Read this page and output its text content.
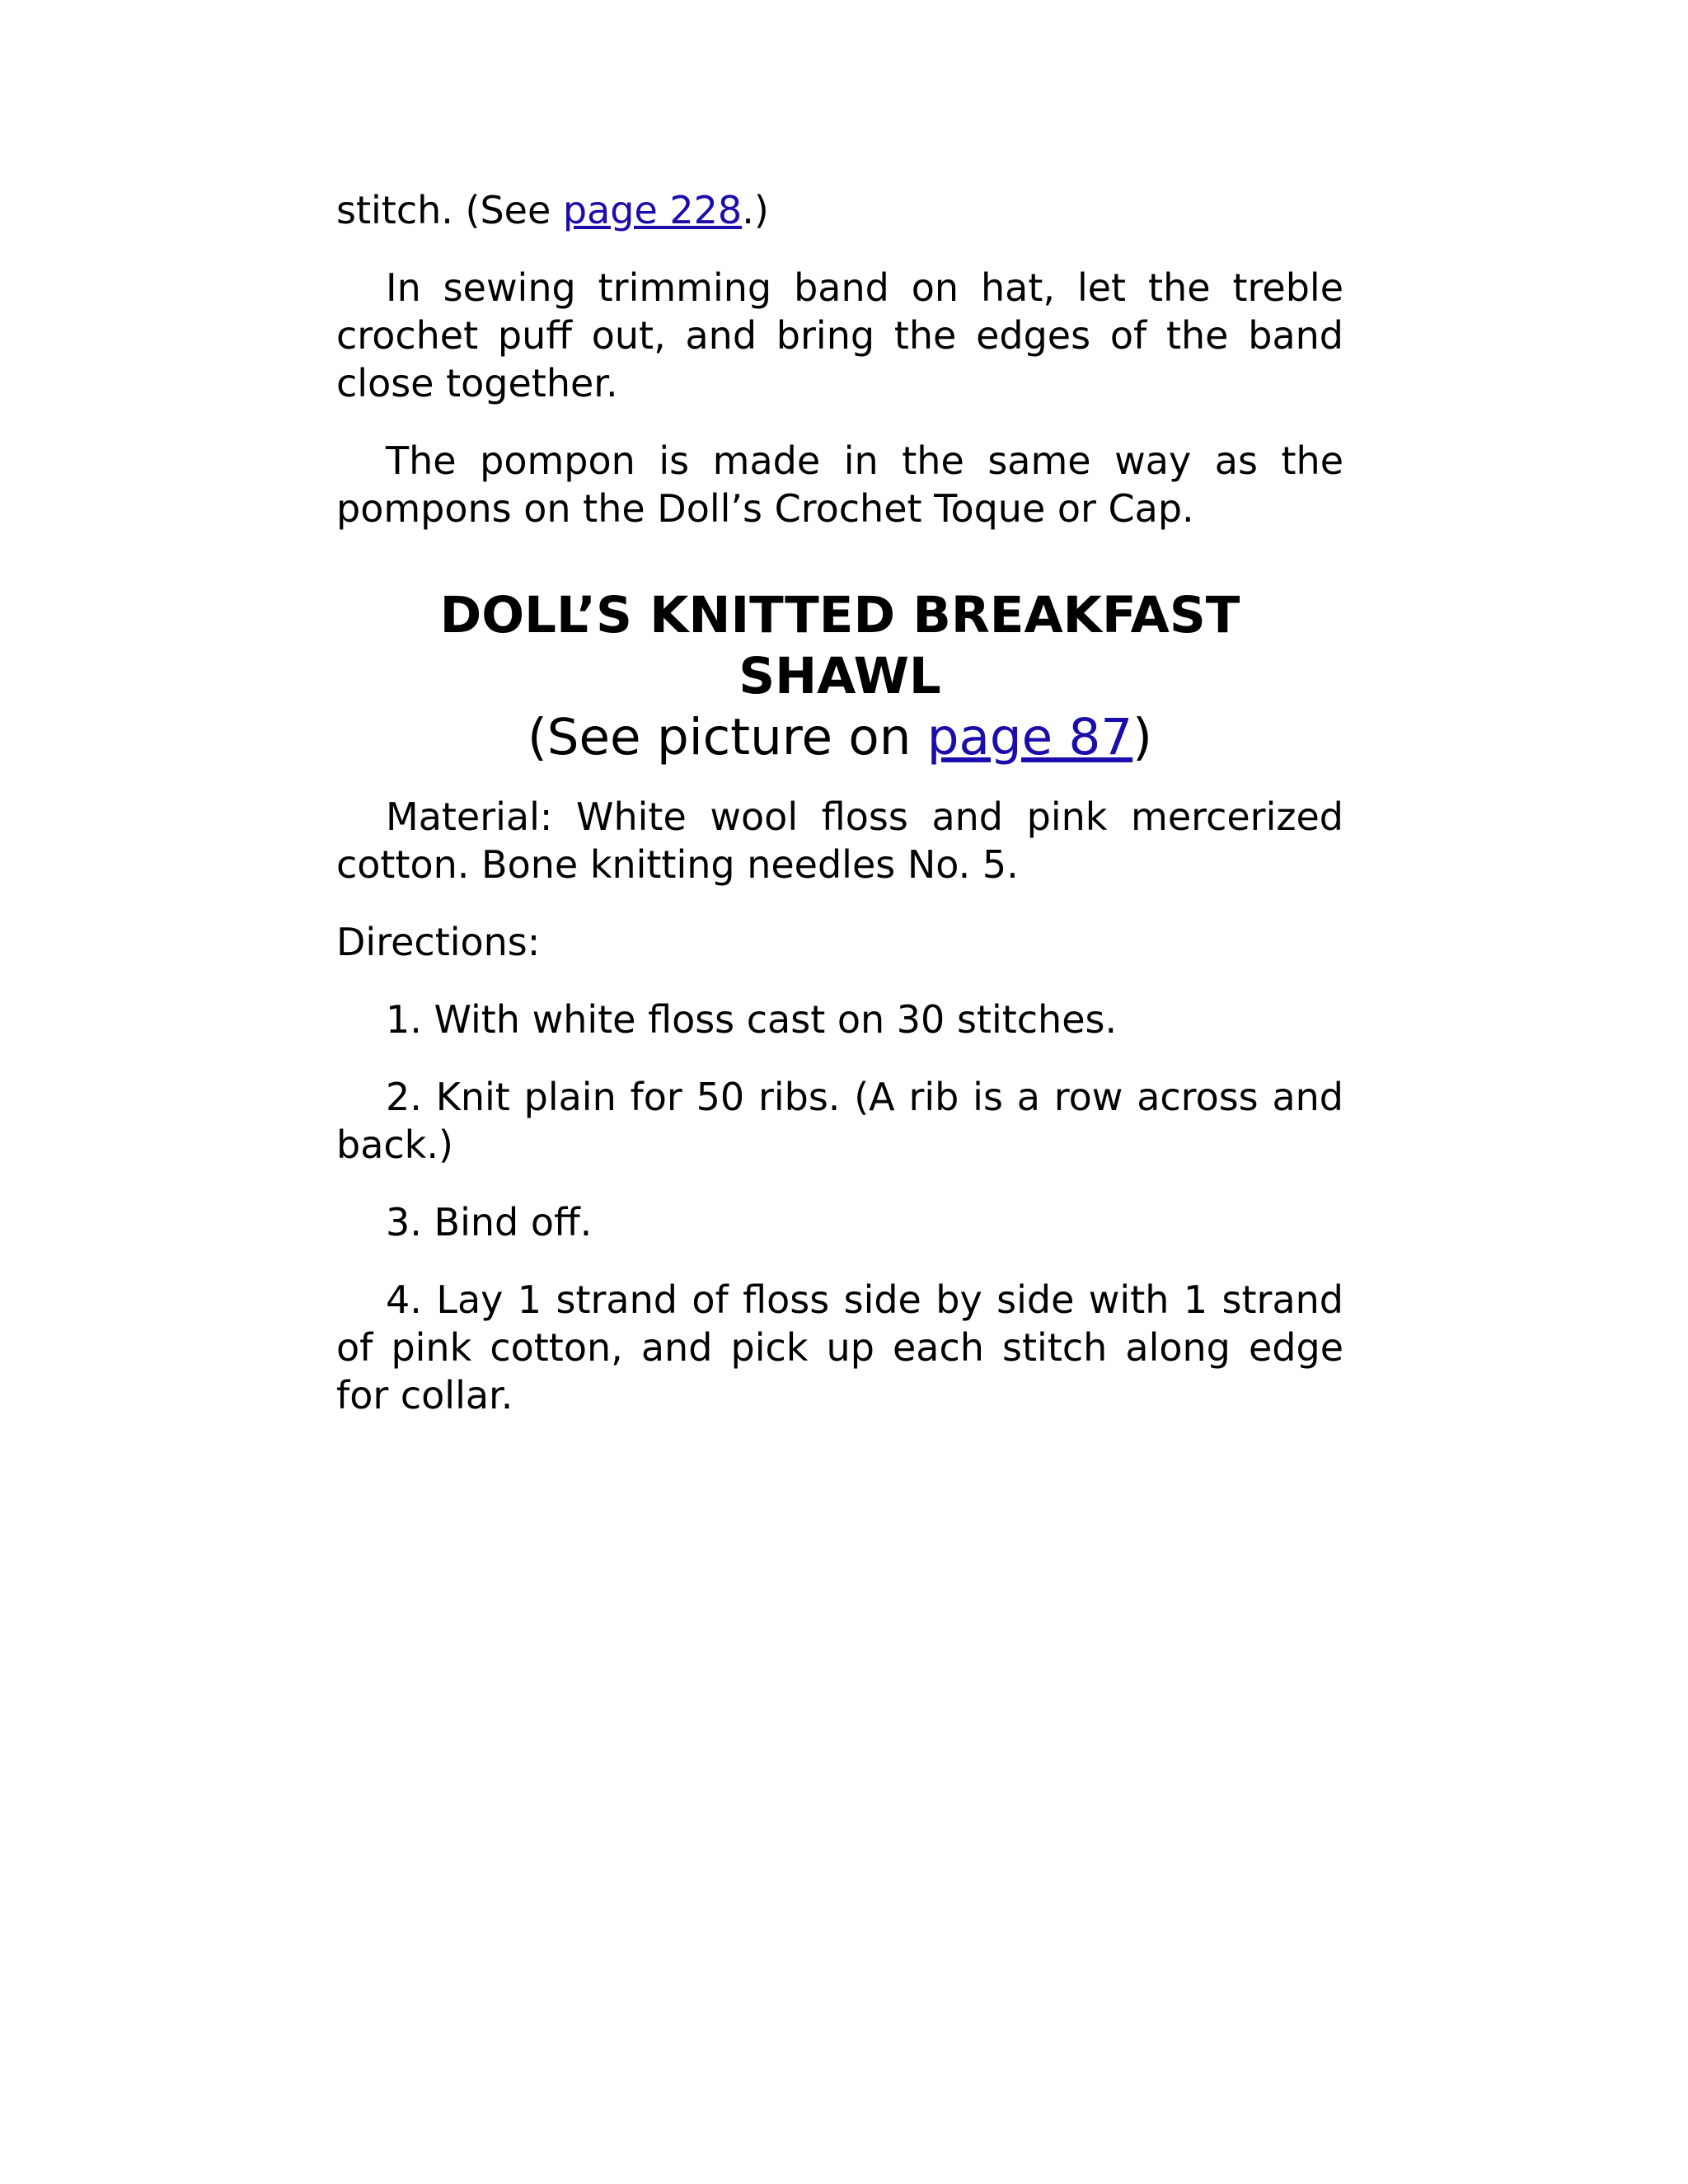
stitch. (See page 228.)

In sewing trimming band on hat, let the treble crochet puff out, and bring the edges of the band close together.

The pompon is made in the same way as the pompons on the Doll’s Crochet Toque or Cap.

DOLL’S KNITTED BREAKFAST SHAWL
(See picture on page 87)

Material: White wool floss and pink mercerized cotton. Bone knitting needles No. 5.

Directions:

1. With white floss cast on 30 stitches.

2. Knit plain for 50 ribs. (A rib is a row across and back.)

3. Bind off.

4. Lay 1 strand of floss side by side with 1 strand of pink cotton, and pick up each stitch along edge for collar.
